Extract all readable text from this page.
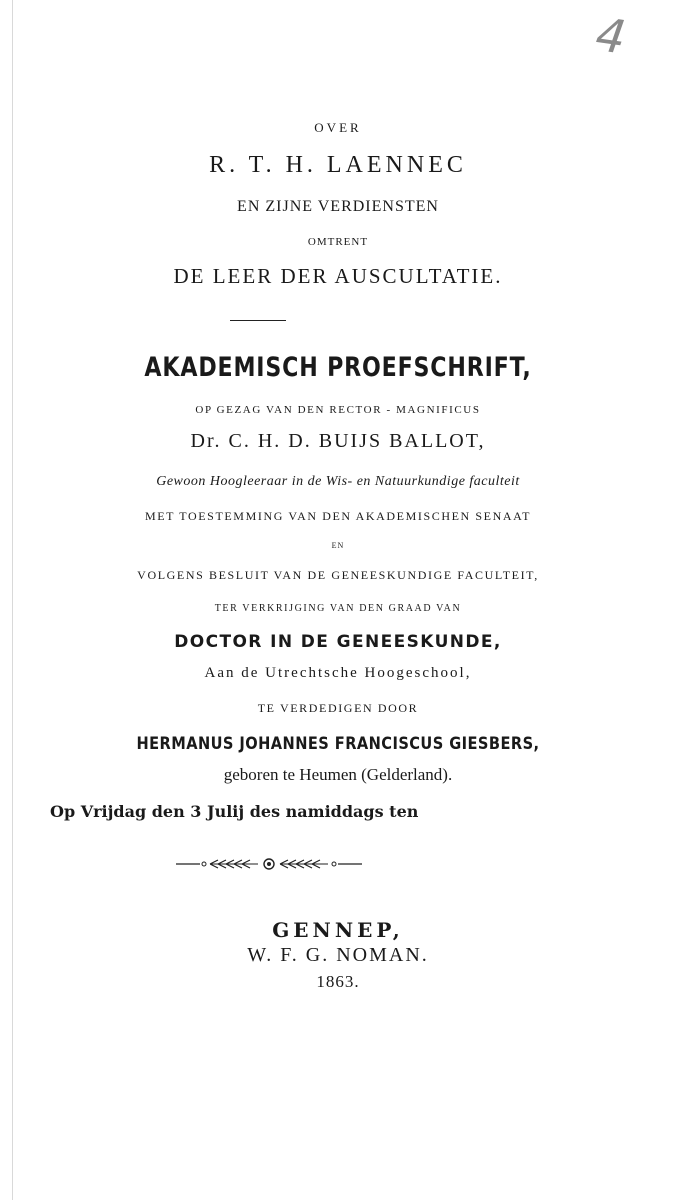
4
OVER
R. T. H. LAENNEC
EN ZIJNE VERDIENSTEN
OMTRENT
DE LEER DER AUSCULTATIE.
AKADEMISCH PROEFSCHRIFT,
OP GEZAG VAN DEN RECTOR - MAGNIFICUS
Dr. C. H. D. BUIJS BALLOT,
Gewoon Hoogleeraar in de Wis- en Natuurkundige faculteit
MET TOESTEMMING VAN DEN AKADEMISCHEN SENAAT
EN
VOLGENS BESLUIT VAN DE GENEESKUNDIGE FACULTEIT,
TER VERKRIJGING VAN DEN GRAAD VAN
DOCTOR IN DE GENEESKUNDE,
Aan de Utrechtsche Hoogeschool,
TE VERDEDIGEN DOOR
HERMANUS JOHANNES FRANCISCUS GIESBERS,
geboren te Heumen (Gelderland).
Op Vrijdag den 3 Julij des namiddags ten
GENNEP,
W. F. G. NOMAN.
1863.
